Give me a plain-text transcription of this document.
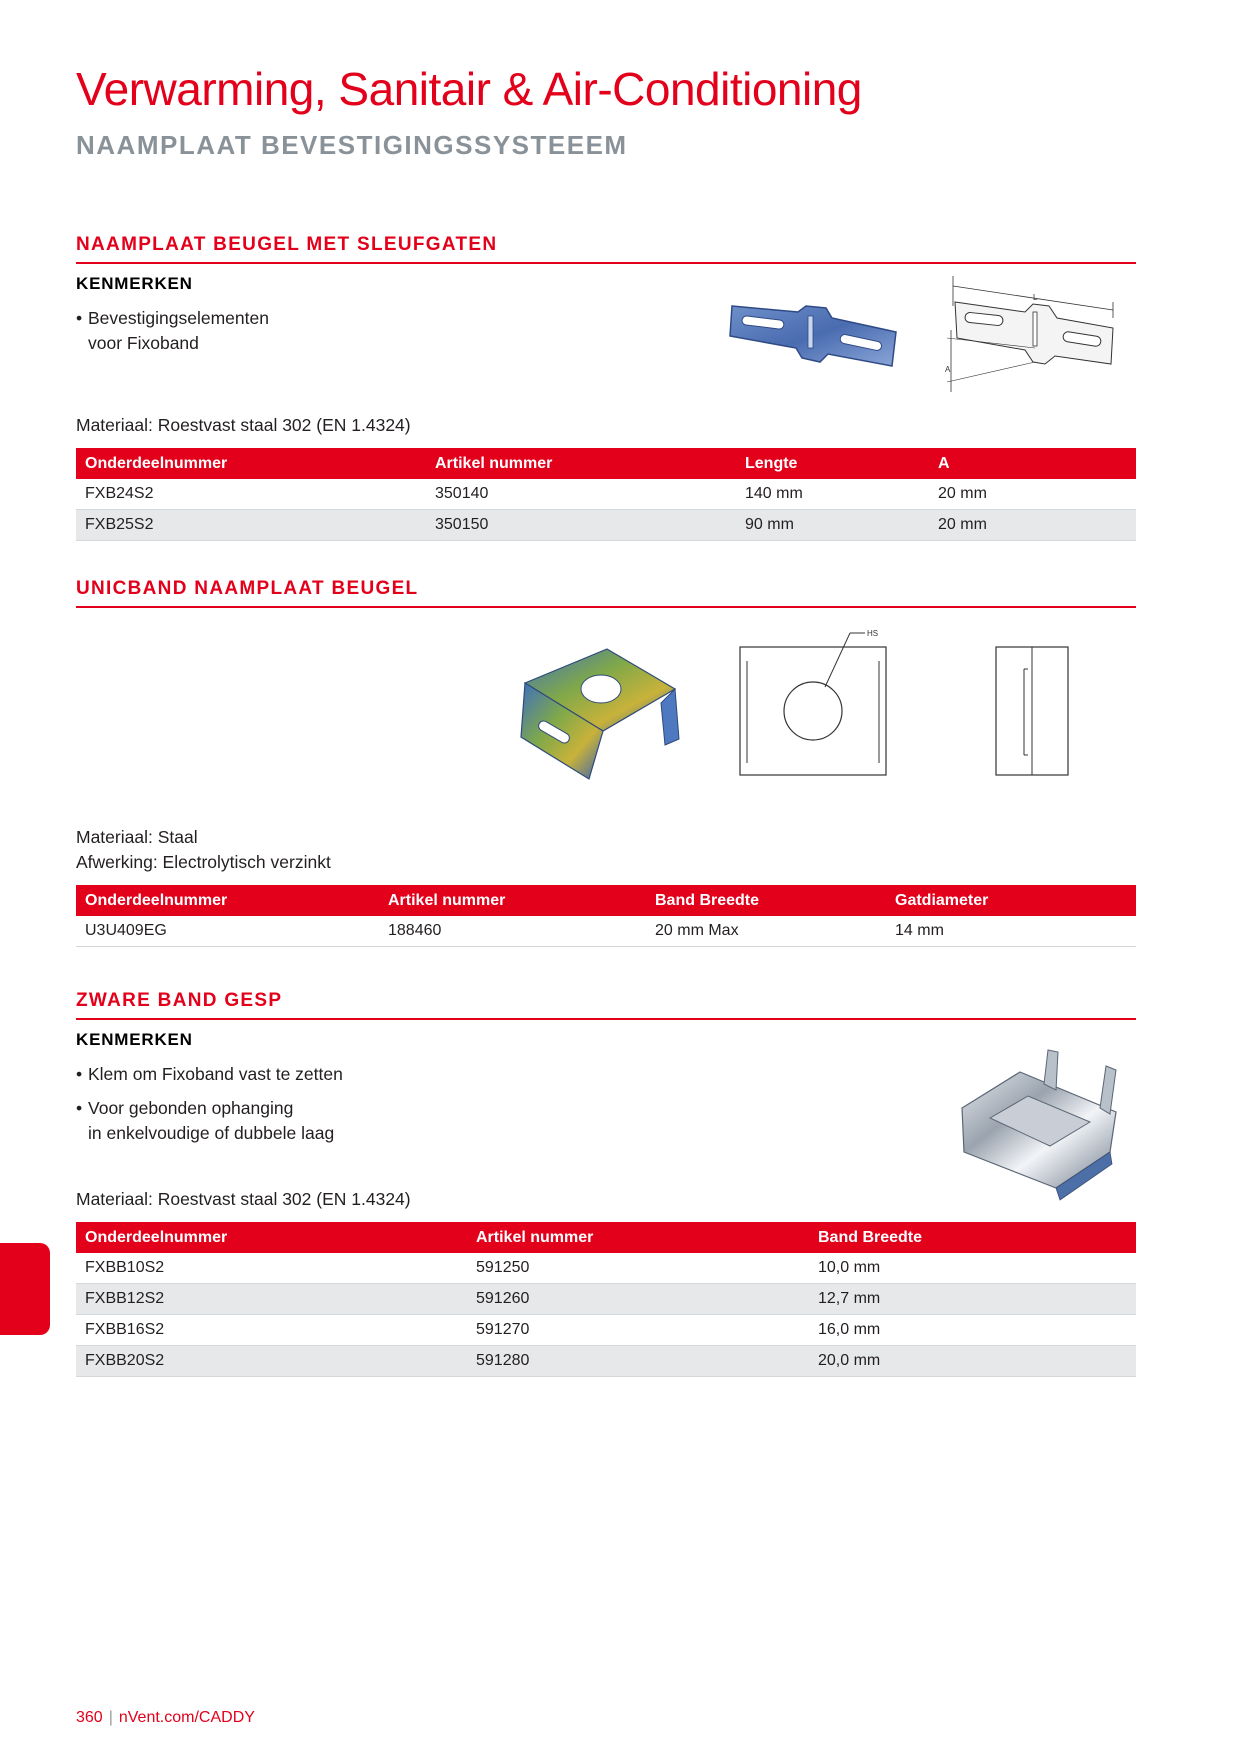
Verwarming, Sanitair & Air-Conditioning
NAAMPLAAT BEVESTIGINGSSYSTEEEM
NAAMPLAAT BEUGEL MET SLEUFGATEN
KENMERKEN
• Bevestigingselementen
voor Fixoband
L
A
Materiaal: Roestvast staal 302 (EN 1.4324)
Onderdeelnummer	Artikel nummer	Lengte	A
FXB24S2	350140	140 mm	20 mm
FXB25S2	350150	90 mm	20 mm
UNICBAND NAAMPLAAT BEUGEL
HS
Materiaal: Staal
Afwerking: Electrolytisch verzinkt
Onderdeelnummer	Artikel nummer	Band Breedte	Gatdiameter
U3U409EG	188460	20 mm Max	14 mm
ZWARE BAND GESP
KENMERKEN
• Klem om Fixoband vast te zetten
• Voor gebonden ophanging
in enkelvoudige of dubbele laag
Materiaal: Roestvast staal 302 (EN 1.4324)
Onderdeelnummer	Artikel nummer	Band Breedte
FXBB10S2	591250	10,0 mm
FXBB12S2	591260	12,7 mm
FXBB16S2	591270	16,0 mm
FXBB20S2	591280	20,0 mm
360 | nVent.com/CADDY
